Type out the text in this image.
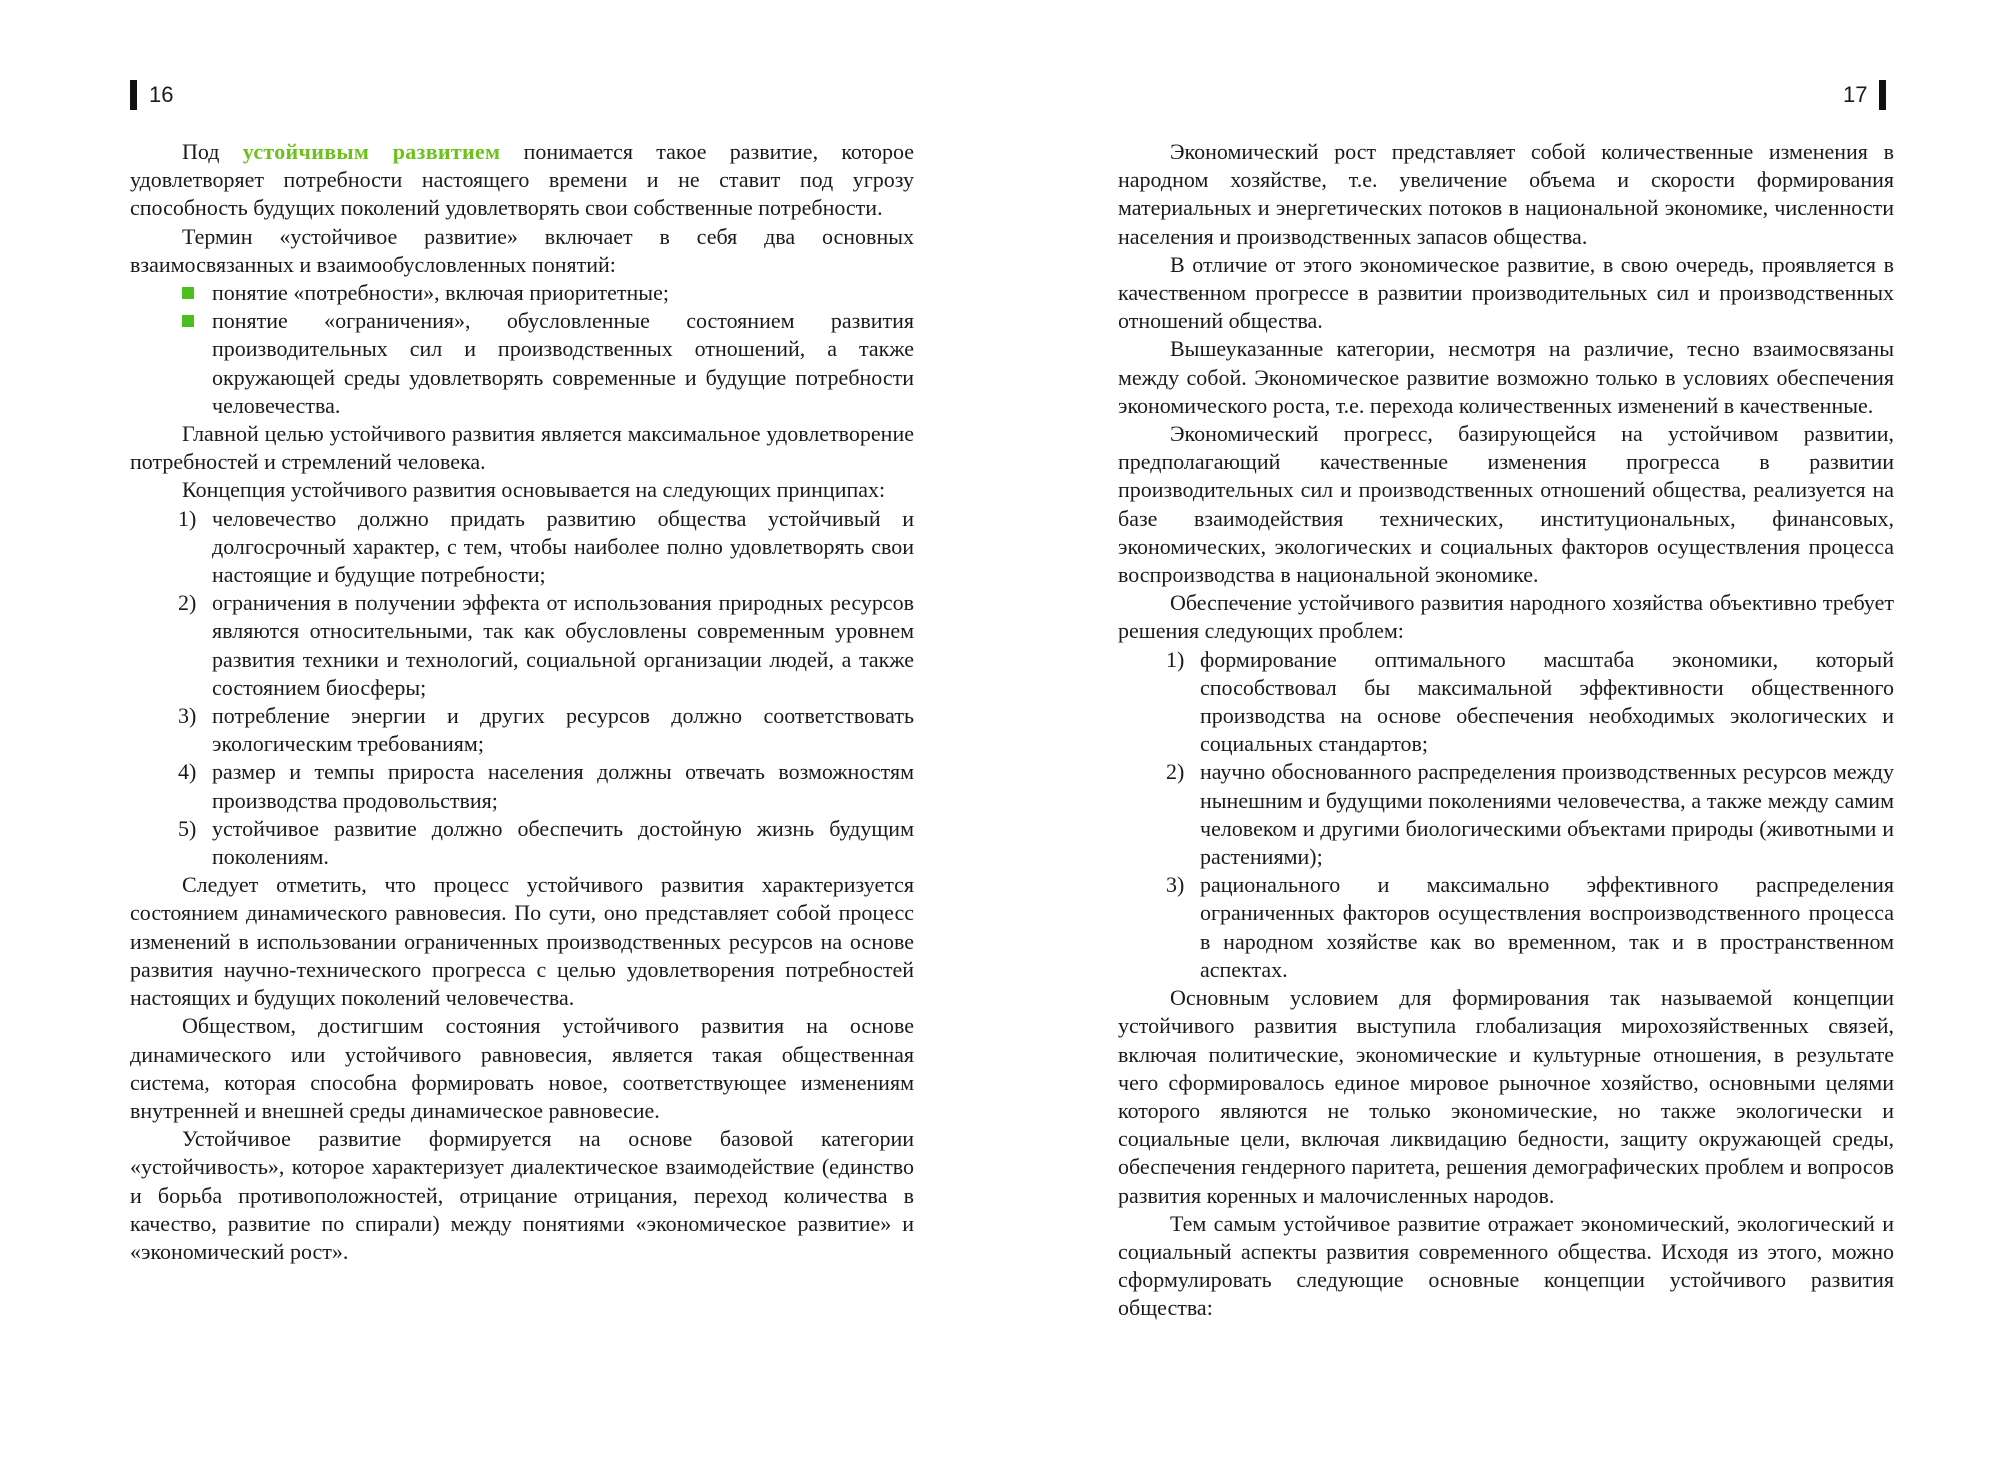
16	17

Под устойчивым развитием понимается такое развитие, которое удовлетворяет потребности настоящего времени и не ставит под угрозу способность будущих поколений удовлетворять свои собственные потребности.

Термин «устойчивое развитие» включает в себя два основных взаимосвязанных и взаимообусловленных понятий:

понятие «потребности», включая приоритетные;
понятие «ограничения», обусловленные состоянием развития производительных сил и производственных отношений, а также окружающей среды удовлетворять современные и будущие потребности человечества.

Главной целью устойчивого развития является максимальное удовлетворение потребностей и стремлений человека.

Концепция устойчивого развития основывается на следующих принципах:

1) человечество должно придать развитию общества устойчивый и долгосрочный характер, с тем, чтобы наиболее полно удовлетворять свои настоящие и будущие потребности;
2) ограничения в получении эффекта от использования природных ресурсов являются относительными, так как обусловлены современным уровнем развития техники и технологий, социальной организации людей, а также состоянием биосферы;
3) потребление энергии и других ресурсов должно соответствовать экологическим требованиям;
4) размер и темпы прироста населения должны отвечать возможностям производства продовольствия;
5) устойчивое развитие должно обеспечить достойную жизнь будущим поколениям.

Следует отметить, что процесс устойчивого развития характеризуется состоянием динамического равновесия. По сути, оно представляет собой процесс изменений в использовании ограниченных производственных ресурсов на основе развития научно-технического прогресса с целью удовлетворения потребностей настоящих и будущих поколений человечества.

Обществом, достигшим состояния устойчивого развития на основе динамического или устойчивого равновесия, является такая общественная система, которая способна формировать новое, соответствующее изменениям внутренней и внешней среды динамическое равновесие.

Устойчивое развитие формируется на основе базовой категории «устойчивость», которое характеризует диалектическое взаимодействие (единство и борьба противоположностей, отрицание отрицания, переход количества в качество, развитие по спирали) между понятиями «экономическое развитие» и «экономический рост».

Экономический рост представляет собой количественные изменения в народном хозяйстве, т.е. увеличение объема и скорости формирования материальных и энергетических потоков в национальной экономике, численности населения и производственных запасов общества.

В отличие от этого экономическое развитие, в свою очередь, проявляется в качественном прогрессе в развитии производительных сил и производственных отношений общества.

Вышеуказанные категории, несмотря на различие, тесно взаимосвязаны между собой. Экономическое развитие возможно только в условиях обеспечения экономического роста, т.е. перехода количественных изменений в качественные.

Экономический прогресс, базирующейся на устойчивом развитии, предполагающий качественные изменения прогресса в развитии производительных сил и производственных отношений общества, реализуется на базе взаимодействия технических, институциональных, финансовых, экономических, экологических и социальных факторов осуществления процесса воспроизводства в национальной экономике.

Обеспечение устойчивого развития народного хозяйства объективно требует решения следующих проблем:

1) формирование оптимального масштаба экономики, который способствовал бы максимальной эффективности общественного производства на основе обеспечения необходимых экологических и социальных стандартов;
2) научно обоснованного распределения производственных ресурсов между нынешним и будущими поколениями человечества, а также между самим человеком и другими биологическими объектами природы (животными и растениями);
3) рационального и максимально эффективного распределения ограниченных факторов осуществления воспроизводственного процесса в народном хозяйстве как во временном, так и в пространственном аспектах.

Основным условием для формирования так называемой концепции устойчивого развития выступила глобализация мирохозяйственных связей, включая политические, экономические и культурные отношения, в результате чего сформировалось единое мировое рыночное хозяйство, основными целями которого являются не только экономические, но также экологически и социальные цели, включая ликвидацию бедности, защиту окружающей среды, обеспечения гендерного паритета, решения демографических проблем и вопросов развития коренных и малочисленных народов.

Тем самым устойчивое развитие отражает экономический, экологический и социальный аспекты развития современного общества. Исходя из этого, можно сформулировать следующие основные концепции устойчивого развития общества:
